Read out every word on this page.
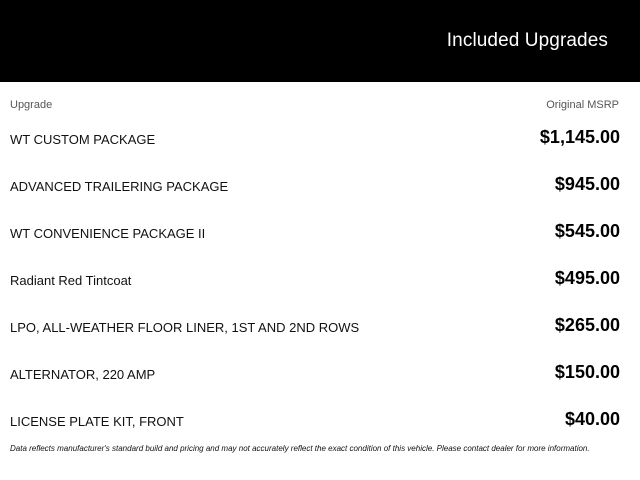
Included Upgrades
Upgrade	Original MSRP
WT CUSTOM PACKAGE	$1,145.00
ADVANCED TRAILERING PACKAGE	$945.00
WT CONVENIENCE PACKAGE II	$545.00
Radiant Red Tintcoat	$495.00
LPO, ALL-WEATHER FLOOR LINER, 1ST AND 2ND ROWS	$265.00
ALTERNATOR, 220 AMP	$150.00
LICENSE PLATE KIT, FRONT	$40.00
Data reflects manufacturer's standard build and pricing and may not accurately reflect the exact condition of this vehicle. Please contact dealer for more information.
